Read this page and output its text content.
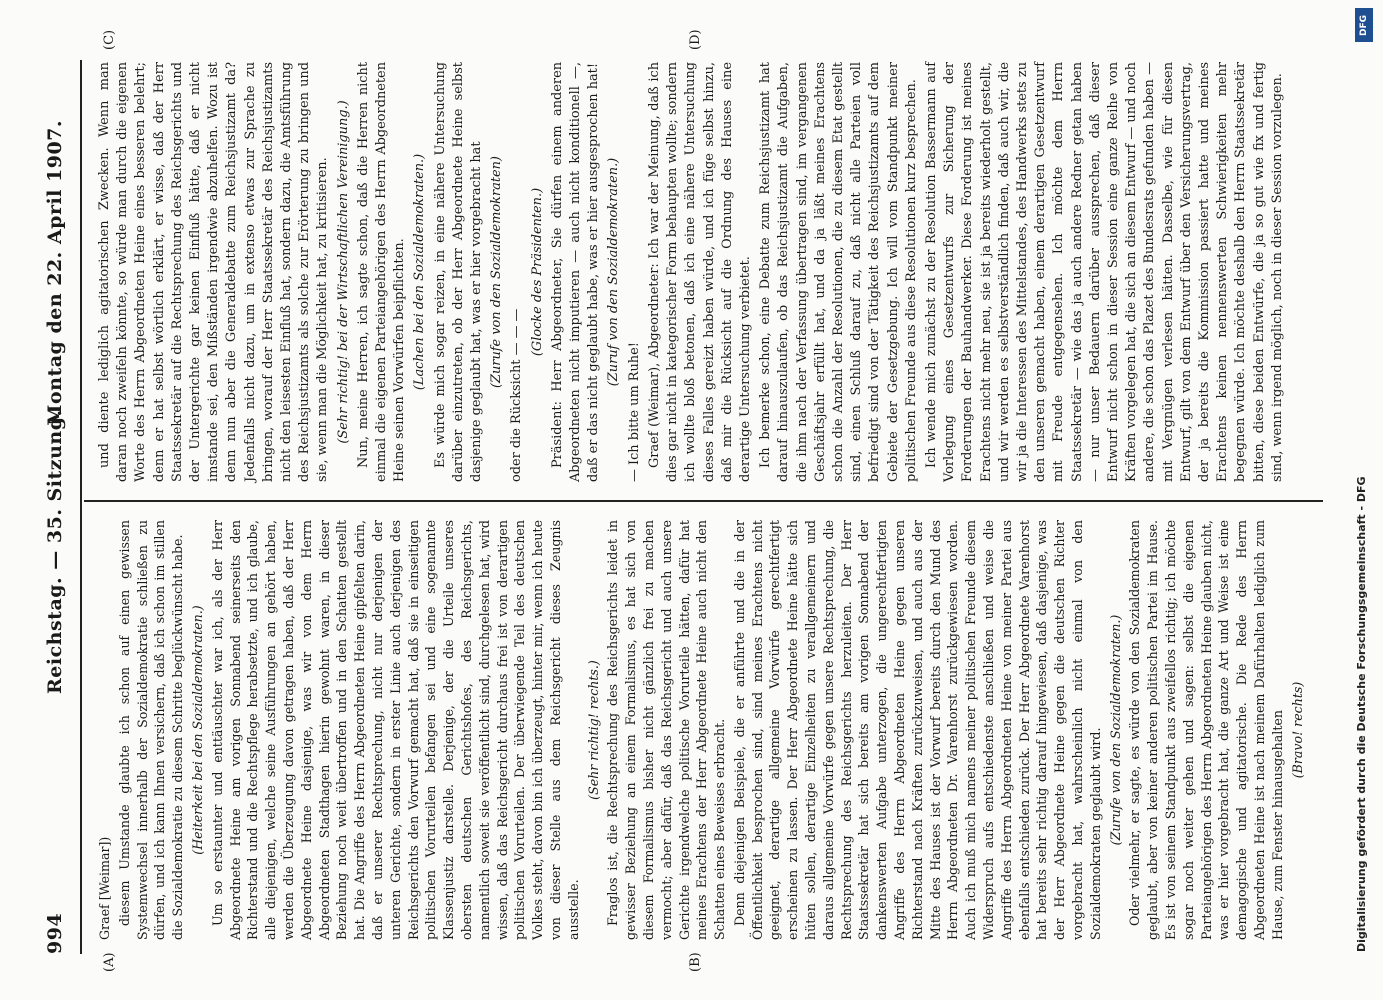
994
Reichstag. — 35. Sitzung.
Montag den 22. April 1907.
(A)	(B)
(C)	(D)

Graef [Weimar]) diesem Umstande glaubte ich schon auf einen gewissen Systemwechsel innerhalb der Sozialdemokratie schließen zu dürfen, und ich kann Ihnen versichern, daß ich schon im stillen die Sozialdemokratie zu diesem Schritte beglückwünscht habe. (Heiterkeit bei den Sozialdemokraten.) Um so erstaunter und enttäuschter war ich, als der Herr Abgeordnete Heine am vorigen Sonnabend seinerseits den Richterstand und die Rechtspflege herabsetzte, und ich glaube, alle diejenigen, welche seine Ausführungen an gehört haben, werden die Überzeugung davon getragen haben, daß der Herr Abgeordnete Heine dasjenige, was wir von dem Herrn Abgeordneten Stadthagen hierin gewohnt waren, in dieser Beziehung noch weit übertroffen und in den Schatten gestellt hat. Die Angriffe des Herrn Abgeordneten Heine gipfelten darin, daß er unserer Rechtsprechung, nicht nur derjenigen der unteren Gerichte, sondern in erster Linie auch derjenigen des Reichsgerichts den Vorwurf gemacht hat, daß sie in einseitigen politischen Vorurteilen befangen sei und eine sogenannte Klassenjustiz darstelle. Derjenige, der die Urteile unseres obersten deutschen Gerichtshofes, des Reichsgerichts, namentlich soweit sie veröffentlicht sind, durchgelesen hat, wird wissen, daß das Reichsgericht durchaus frei ist von derartigen politischen Vorurteilen. Der überwiegende Teil des deutschen Volkes steht, davon bin ich überzeugt, hinter mir, wenn ich heute von dieser Stelle aus dem Reichsgericht dieses Zeugnis ausstelle.

(Sehr richtig! rechts.) Fraglos ist, die Rechtsprechung des Reichsgerichts leidet in gewisser Beziehung an einem Formalismus, es hat sich von diesem Formalismus bisher nicht gänzlich frei zu machen vermocht; aber dafür, daß das Reichsgericht und auch unsere Gerichte irgendwelche politische Vorurteile hätten, dafür hat meines Erachtens der Herr Abgeordnete Heine auch nicht den Schatten eines Beweises erbracht. Denn diejenigen Beispiele, die er anführte und die in der Öffentlichkeit besprochen sind, sind meines Erachtens nicht geeignet, derartige allgemeine Vorwürfe gerechtfertigt erscheinen zu lassen. Der Herr Abgeordnete Heine hätte sich hüten sollen, derartige Einzelheiten zu verallgemeinern und daraus allgemeine Vorwürfe gegen unsere Rechtsprechung, die Rechtsprechung des Reichsgerichts herzuleiten. Der Herr Staatssekretär hat sich bereits am vorigen Sonnabend der dankenswerten Aufgabe unterzogen, die ungerechtfertigten Angriffe des Herrn Abgeordneten Heine gegen unseren Richterstand nach Kräften zurückzuweisen, und auch aus der Mitte des Hauses ist der Vorwurf bereits durch den Mund des Herrn Abgeordneten Dr. Varenhorst zurückgewiesen worden. Auch ich muß mich namens meiner politischen Freunde diesem Widerspruch aufs entschiedenste anschließen und weise die Angriffe des Herrn Abgeordneten Heine von meiner Partei aus ebenfalls entschieden zurück. Der Herr Abgeordnete Varenhorst hat bereits sehr richtig darauf hingewiesen, daß dasjenige, was der Herr Abgeordnete Heine gegen die deutschen Richter vorgebracht hat, wahrscheinlich nicht einmal von den Sozialdemokraten geglaubt wird. (Zurufe von den Sozialdemokraten.) Oder vielmehr, er sagte, es würde von den Sozialdemokraten geglaubt, aber von keiner anderen politischen Partei im Hause. Es ist von seinem Standpunkt aus zweifellos richtig; ich möchte sogar noch weiter gehen und sagen: selbst die eigenen Parteiangehörigen des Herrn Abgeordneten Heine glauben nicht, was er hier vorgebracht hat, die ganze Art und Weise ist eine demagogische und agitatorische. Die Rede des Herrn Abgeordneten Heine ist nach meinem Dafürhalten lediglich zum Hause, zum Fenster hinausgehalten (Bravo! rechts)

und diente lediglich agitatorischen Zwecken. Wenn man daran noch zweifeln könnte, so würde man durch die eigenen Worte des Herrn Abgeordneten Heine eines besseren belehrt; denn er hat selbst wörtlich erklärt, er wisse, daß der Herr Staatssekretär auf die Rechtsprechung des Reichsgerichts und der Untergerichte gar keinen Einfluß hätte, daß er nicht imstande sei, den Mißständen irgendwie abzuhelfen. Wozu ist denn nun aber die Generaldebatte zum Reichsjustizamt da? Jedenfalls nicht dazu, um in extenso etwas zur Sprache zu bringen, worauf der Herr Staatssekretär des Reichsjustizamts nicht den leisesten Einfluß hat, sondern dazu, die Amtsführung des Reichsjustizamts als solche zur Erörterung zu bringen und sie, wenn man die Möglichkeit hat, zu kritisieren. (Sehr richtig! bei der Wirtschaftlichen Vereinigung.) Nun, meine Herren, ich sagte schon, daß die Herren nicht einmal die eigenen Parteiangehörigen des Herrn Abgeordneten Heine seinen Vorwürfen beipflichten. (Lachen bei den Sozialdemokraten.) Es würde mich sogar reizen, in eine nähere Untersuchung darüber einzutreten, ob der Herr Abgeordnete Heine selbst dasjenige geglaubt hat, was er hier vorgebracht hat (Zurufe von den Sozialdemokraten)

oder die Rücksicht — — —

(Glocke des Präsidenten.) Präsident: Herr Abgeordneter, Sie dürfen einem anderen Abgeordneten nicht imputieren — auch nicht konditionell —, daß er das nicht geglaubt habe, was er hier ausgesprochen hat! (Zuruf von den Sozialdemokraten.)

— Ich bitte um Ruhe! Graef (Weimar), Abgeordneter: Ich war der Meinung, daß ich dies gar nicht in kategorischer Form behaupten wollte; sondern ich wollte bloß betonen, daß ich eine nähere Untersuchung dieses Falles gereizt haben würde, und ich füge selbst hinzu, daß mir die Rücksicht auf die Ordnung des Hauses eine derartige Untersuchung verbietet. Ich bemerke schon, eine Debatte zum Reichsjustizamt hat darauf hinauszulaufen, ob das Reichsjustizamt die Aufgaben, die ihm nach der Verfassung übertragen sind, im vergangenen Geschäftsjahr erfüllt hat, und da ja läßt meines Erachtens schon die Anzahl der Resolutionen, die zu diesem Etat gestellt sind, einen Schluß darauf zu, daß nicht alle Parteien voll befriedigt sind von der Tätigkeit des Reichsjustizamts auf dem Gebiete der Gesetzgebung. Ich will vom Standpunkt meiner politischen Freunde aus diese Resolutionen kurz besprechen. Ich wende mich zunächst zu der Resolution Bassermann auf Vorlegung eines Gesetzentwurfs zur Sicherung der Forderungen der Bauhandwerker. Diese Forderung ist meines Erachtens nicht mehr neu, sie ist ja bereits wiederholt gestellt, und wir werden es selbstverständlich finden, daß auch wir, die wir ja die Interessen des Mittelstandes, des Handwerks stets zu den unseren gemacht haben, einem derartigen Gesetzentwurf mit Freude entgegensehen. Ich möchte dem Herrn Staatssekretär — wie das ja auch andere Redner getan haben — nur unser Bedauern darüber aussprechen, daß dieser Entwurf nicht schon in dieser Session eine ganze Reihe von Kräften vorgelegen hat, die sich an diesem Entwurf — und noch andere, die schon das Plazet des Bundesrats gefunden haben — mit Vergnügen verlesen hätten. Dasselbe, wie für diesen Entwurf, gilt von dem Entwurf über den Versicherungsvertrag, der ja bereits die Kommission passiert hatte und meines Erachtens keinen nennenswerten Schwierigkeiten mehr begegnen würde. Ich möchte deshalb den Herrn Staatssekretär bitten, diese beiden Entwürfe, die ja so gut wie fix und fertig sind, wenn irgend möglich, noch in dieser Session vorzulegen.

DFG
Digitalisierung gefördert durch die Deutsche Forschungsgemeinschaft - DFG
